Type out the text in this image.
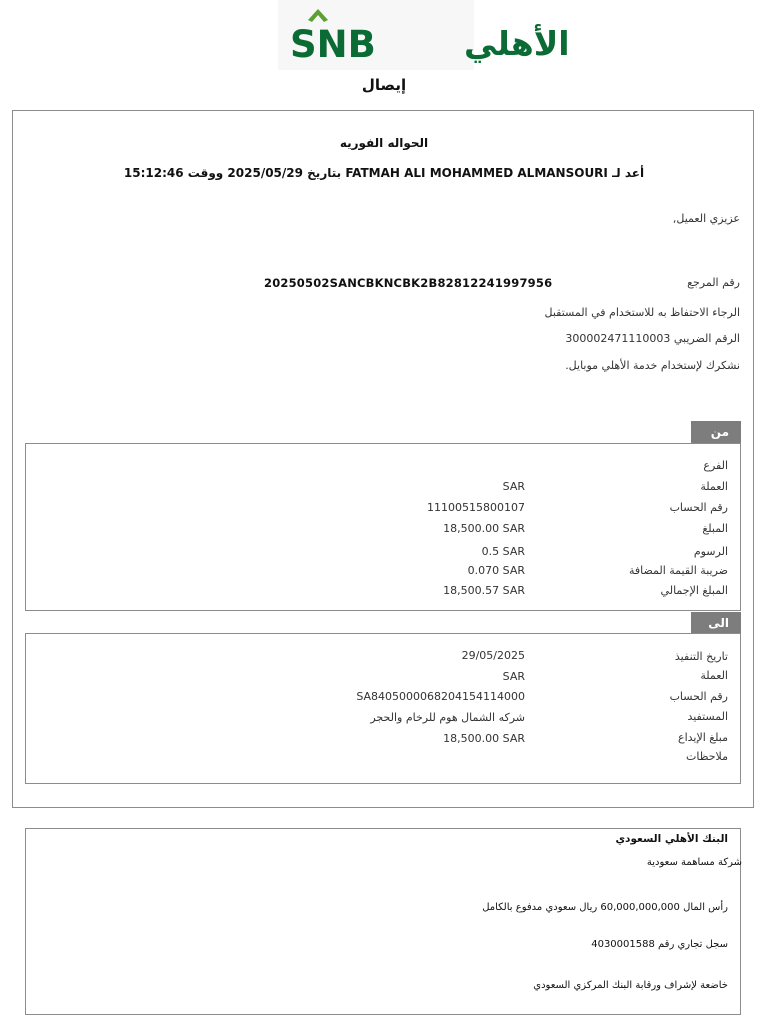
SNB	الأهلي
إيصال
الحواله الفوريه
أعد لـ FATMAH ALI MOHAMMED ALMANSOURI بتاريخ 2025/05/29 ووقت 15:12:46
عزيزي العميل,
رقم المرجع
20250502SANCBKNCBK2B82812241997956
الرجاء الاحتفاظ به للاستخدام في المستقبل
الرقم الضريبي 300002471110003
نشكرك لإستخدام خدمة الأهلي موبايل.
من
الفرع
العملة
SAR
رقم الحساب
11100515800107
المبلغ
18,500.00 SAR
الرسوم
0.5 SAR
ضريبة القيمة المضافة
0.070 SAR
المبلغ الإجمالي
18,500.57 SAR
الى
تاريخ التنفيذ
29/05/2025
العملة
SAR
رقم الحساب
SA8405000068204154114000
المستفيد
شركه الشمال هوم للرخام والحجر
مبلغ الإيداع
18,500.00 SAR
ملاحظات
البنك الأهلي السعودي
شركة مساهمة سعودية
رأس المال 60,000,000,000 ريال سعودي مدفوع بالكامل
سجل تجاري رقم 4030001588
خاضعة لإشراف ورقابة البنك المركزي السعودي
